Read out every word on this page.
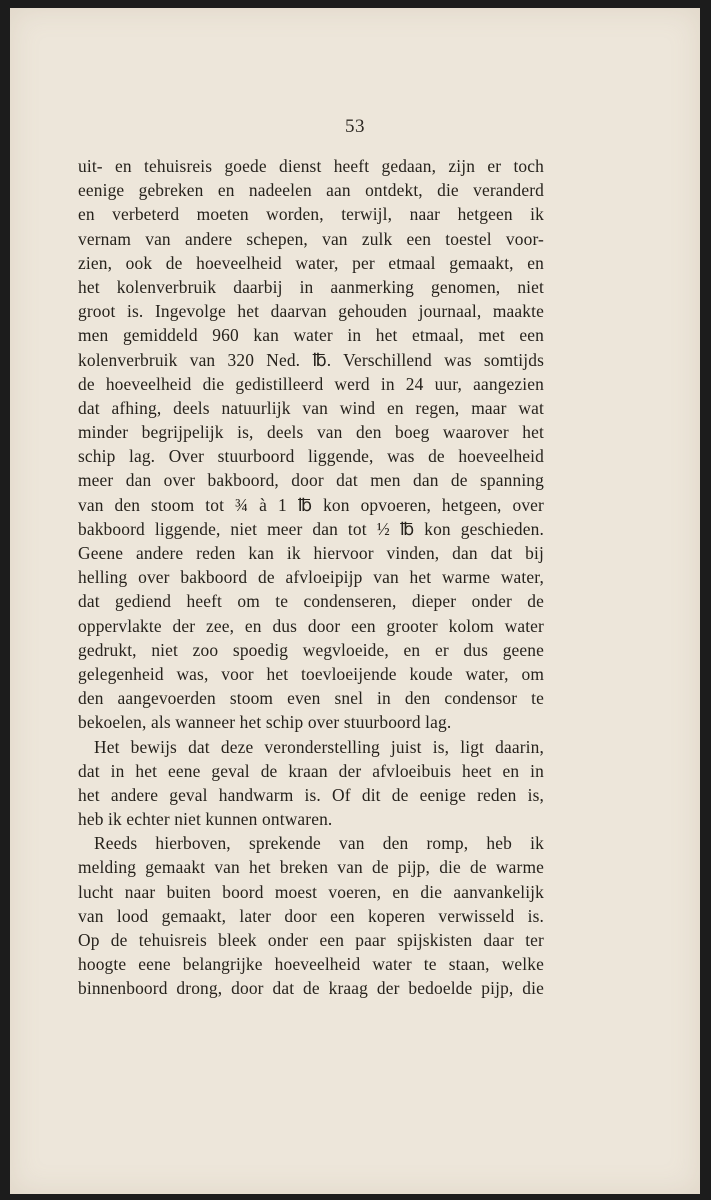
53
uit- en tehuisreis goede dienst heeft gedaan, zijn er toch
eenige gebreken en nadeelen aan ontdekt, die veranderd
en verbeterd moeten worden, terwijl, naar hetgeen ik
vernam van andere schepen, van zulk een toestel voor-
zien, ook de hoeveelheid water, per etmaal gemaakt, en
het kolenverbruik daarbij in aanmerking genomen, niet
groot is. Ingevolge het daarvan gehouden journaal, maakte
men gemiddeld 960 kan water in het etmaal, met een
kolenverbruik van 320 Ned. ℔. Verschillend was somtijds
de hoeveelheid die gedistilleerd werd in 24 uur, aangezien
dat afhing, deels natuurlijk van wind en regen, maar wat
minder begrijpelijk is, deels van den boeg waarover het
schip lag. Over stuurboord liggende, was de hoeveelheid
meer dan over bakboord, door dat men dan de spanning
van den stoom tot ¾ à 1 ℔ kon opvoeren, hetgeen, over
bakboord liggende, niet meer dan tot ½ ℔ kon geschieden.
Geene andere reden kan ik hiervoor vinden, dan dat bij
helling over bakboord de afvloeipijp van het warme water,
dat gediend heeft om te condenseren, dieper onder de
oppervlakte der zee, en dus door een grooter kolom water
gedrukt, niet zoo spoedig wegvloeide, en er dus geene
gelegenheid was, voor het toevloeijende koude water, om
den aangevoerden stoom even snel in den condensor te
bekoelen, als wanneer het schip over stuurboord lag.
Het bewijs dat deze veronderstelling juist is, ligt daarin,
dat in het eene geval de kraan der afvloeibuis heet en in
het andere geval handwarm is. Of dit de eenige reden is,
heb ik echter niet kunnen ontwaren.
Reeds hierboven, sprekende van den romp, heb ik
melding gemaakt van het breken van de pijp, die de warme
lucht naar buiten boord moest voeren, en die aanvankelijk
van lood gemaakt, later door een koperen verwisseld is.
Op de tehuisreis bleek onder een paar spijskisten daar ter
hoogte eene belangrijke hoeveelheid water te staan, welke
binnenboord drong, door dat de kraag der bedoelde pijp, die
